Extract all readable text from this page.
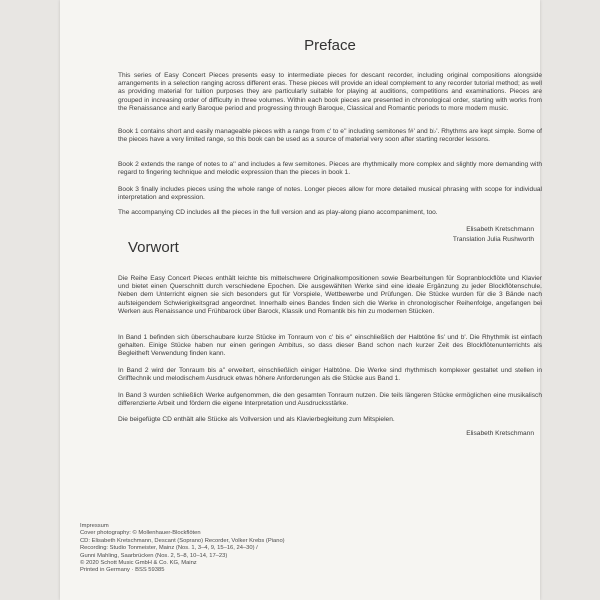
Preface

This series of Easy Concert Pieces presents easy to intermediate pieces for descant recorder, including original compositions alongside arrangements in a selection ranging across different eras. These pieces will provide an ideal complement to any recorder tutorial method; as well as providing material for tuition purposes they are particularly suitable for playing at auditions, competitions and examinations. Pieces are grouped in increasing order of difficulty in three volumes. Within each book pieces are presented in chronological order, starting with works from the Renaissance and early Baroque period and progressing through Baroque, Classical and Romantic periods to more modern music.

Book 1 contains short and easily manageable pieces with a range from c' to e'' including semitones f#' and b♭'. Rhythms are kept simple. Some of the pieces have a very limited range, so this book can be used as a source of material very soon after starting recorder lessons.

Book 2 extends the range of notes to a'' and includes a few semitones. Pieces are rhythmically more complex and slightly more demanding with regard to fingering technique and melodic expression than the pieces in book 1.

Book 3 finally includes pieces using the whole range of notes. Longer pieces allow for more detailed musical phrasing with scope for individual interpretation and expression.

The accompanying CD includes all the pieces in the full version and as play-along piano accompaniment, too.

Elisabeth Kretschmann

Translation Julia Rushworth

Vorwort

Die Reihe Easy Concert Pieces enthält leichte bis mittelschwere Originalkompositionen sowie Bearbeitungen für Sopranblockflöte und Klavier und bietet einen Querschnitt durch verschiedene Epochen. Die ausgewählten Werke sind eine ideale Ergänzung zu jeder Blockflötenschule. Neben dem Unterricht eignen sie sich besonders gut für Vorspiele, Wettbewerbe und Prüfungen. Die Stücke wurden für die 3 Bände nach aufsteigendem Schwierigkeitsgrad angeordnet. Innerhalb eines Bandes finden sich die Werke in chronologischer Reihenfolge, angefangen bei Werken aus Renaissance und Frühbarock über Barock, Klassik und Romantik bis hin zu modernen Stücken.

In Band 1 befinden sich überschaubare kurze Stücke im Tonraum von c' bis e'' einschließlich der Halbtöne fis' und b'. Die Rhythmik ist einfach gehalten. Einige Stücke haben nur einen geringen Ambitus, so dass dieser Band schon nach kurzer Zeit des Blockflötenunterrichts als Begleitheft Verwendung finden kann.

In Band 2 wird der Tonraum bis a'' erweitert, einschließlich einiger Halbtöne. Die Werke sind rhythmisch komplexer gestaltet und stellen in Grifftechnik und melodischem Ausdruck etwas höhere Anforderungen als die Stücke aus Band 1.

In Band 3 wurden schließlich Werke aufgenommen, die den gesamten Tonraum nutzen. Die teils längeren Stücke ermöglichen eine musikalisch differenzierte Arbeit und fördern die eigene Interpretation und Ausdrucksstärke.

Die beigefügte CD enthält alle Stücke als Vollversion und als Klavierbegleitung zum Mitspielen.

Elisabeth Kretschmann

Impressum
Cover photography: © Mollenhauer-Blockflöten
CD: Elisabeth Kretschmann, Descant (Soprano) Recorder, Volker Krebs (Piano)
Recording: Studio Tonmeister, Mainz (Nos. 1, 3–4, 9, 15–16, 24–30) /
Gunni Mahling, Saarbrücken (Nos. 2, 5–8, 10–14, 17–23)
© 2020 Schott Music GmbH & Co. KG, Mainz
Printed in Germany · BSS 59385
